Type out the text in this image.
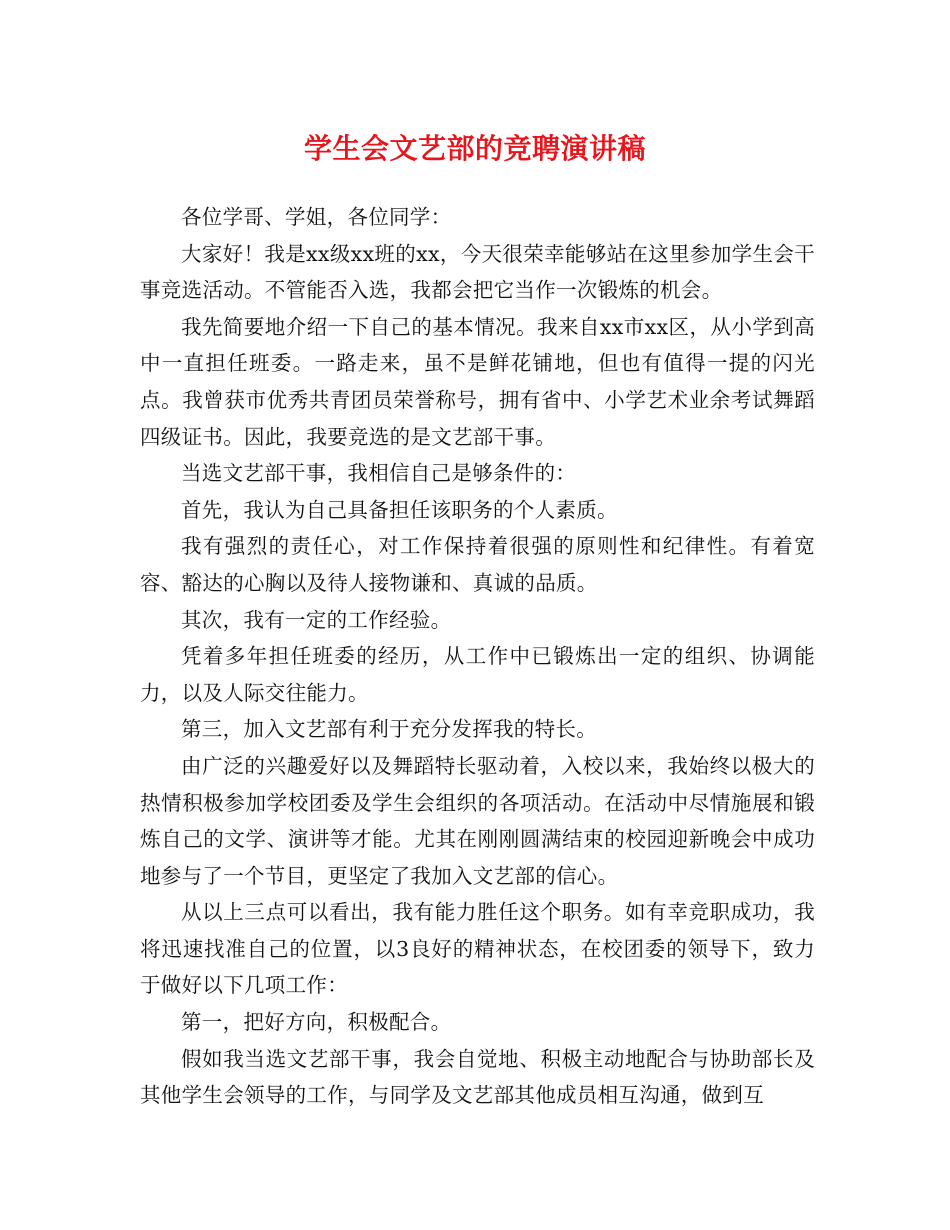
学生会文艺部的竞聘演讲稿

各位学哥、学姐，各位同学：

大家好！我是xx级xx班的xx，今天很荣幸能够站在这里参加学生会干事竞选活动。不管能否入选，我都会把它当作一次锻炼的机会。

我先简要地介绍一下自己的基本情况。我来自xx市xx区，从小学到高中一直担任班委。一路走来，虽不是鲜花铺地，但也有值得一提的闪光点。我曾获市优秀共青团员荣誉称号，拥有省中、小学艺术业余考试舞蹈四级证书。因此，我要竞选的是文艺部干事。

当选文艺部干事，我相信自己是够条件的：

首先，我认为自己具备担任该职务的个人素质。

我有强烈的责任心，对工作保持着很强的原则性和纪律性。有着宽容、豁达的心胸以及待人接物谦和、真诚的品质。

其次，我有一定的工作经验。

凭着多年担任班委的经历，从工作中已锻炼出一定的组织、协调能力，以及人际交往能力。

第三，加入文艺部有利于充分发挥我的特长。

由广泛的兴趣爱好以及舞蹈特长驱动着，入校以来，我始终以极大的热情积极参加学校团委及学生会组织的各项活动。在活动中尽情施展和锻炼自己的文学、演讲等才能。尤其在刚刚圆满结束的校园迎新晚会中成功地参与了一个节目，更坚定了我加入文艺部的信心。

从以上三点可以看出，我有能力胜任这个职务。如有幸竞职成功，我将迅速找准自己的位置，以3良好的精神状态，在校团委的领导下，致力于做好以下几项工作：

第一，把好方向，积极配合。

假如我当选文艺部干事，我会自觉地、积极主动地配合与协助部长及其他学生会领导的工作，与同学及文艺部其他成员相互沟通，做到互
